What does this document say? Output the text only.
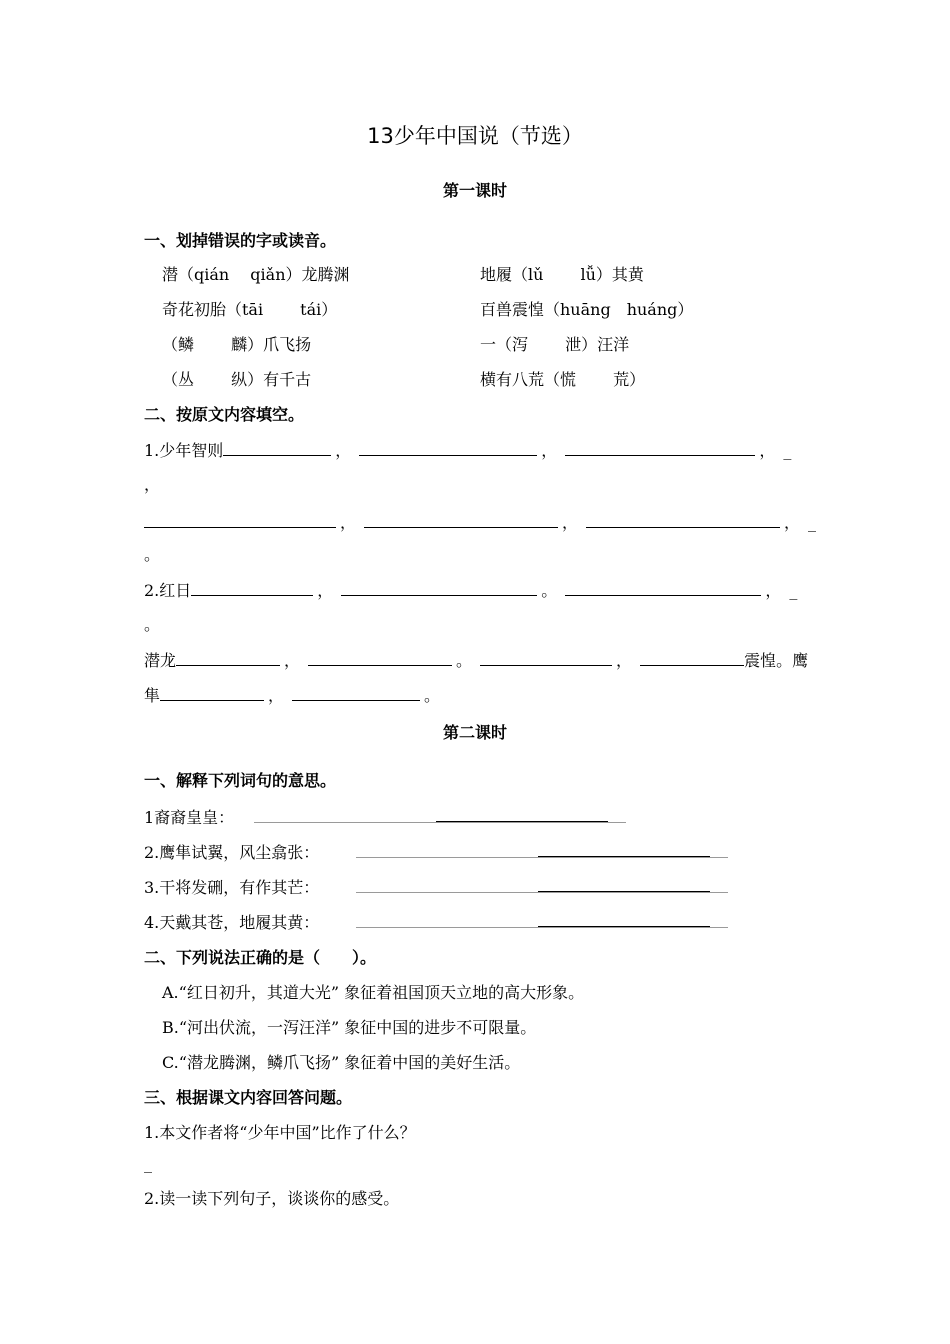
13少年中国说（节选）
第一课时
一、划掉错误的字或读音。
潜（qián　 qiǎn）龙腾渊	地履（lǔ　　 lǚ）其黄
奇花初胎（tāi　　 tái）	百兽震惶（huāng　huáng）
（鳞　　 麟）爪飞扬	一（泻　　 泄）汪洋
（丛　　 纵）有千古	横有八荒（慌　　 荒）
二、按原文内容填空。
1.少年智则	，	，	， _
，
，	，	， _
。
2.红日	，	。	， _
。
潜龙	，	。	，	震惶。鹰
隼	，	。
第二课时
一、解释下列词句的意思。
1裔裔皇皇：
2.鹰隼试翼，风尘翕张：
3.干将发硎，有作其芒：
4.天戴其苍，地履其黄：
二、下列说法正确的是（　　）。
A.“红日初升，其道大光” 象征着祖国顶天立地的高大形象。
B.“河出伏流，一泻汪洋” 象征中国的进步不可限量。
C.“潜龙腾渊，鳞爪飞扬” 象征着中国的美好生活。
三、根据课文内容回答问题。
1.本文作者将“少年中国”比作了什么？
_
2.读一读下列句子，谈谈你的感受。
